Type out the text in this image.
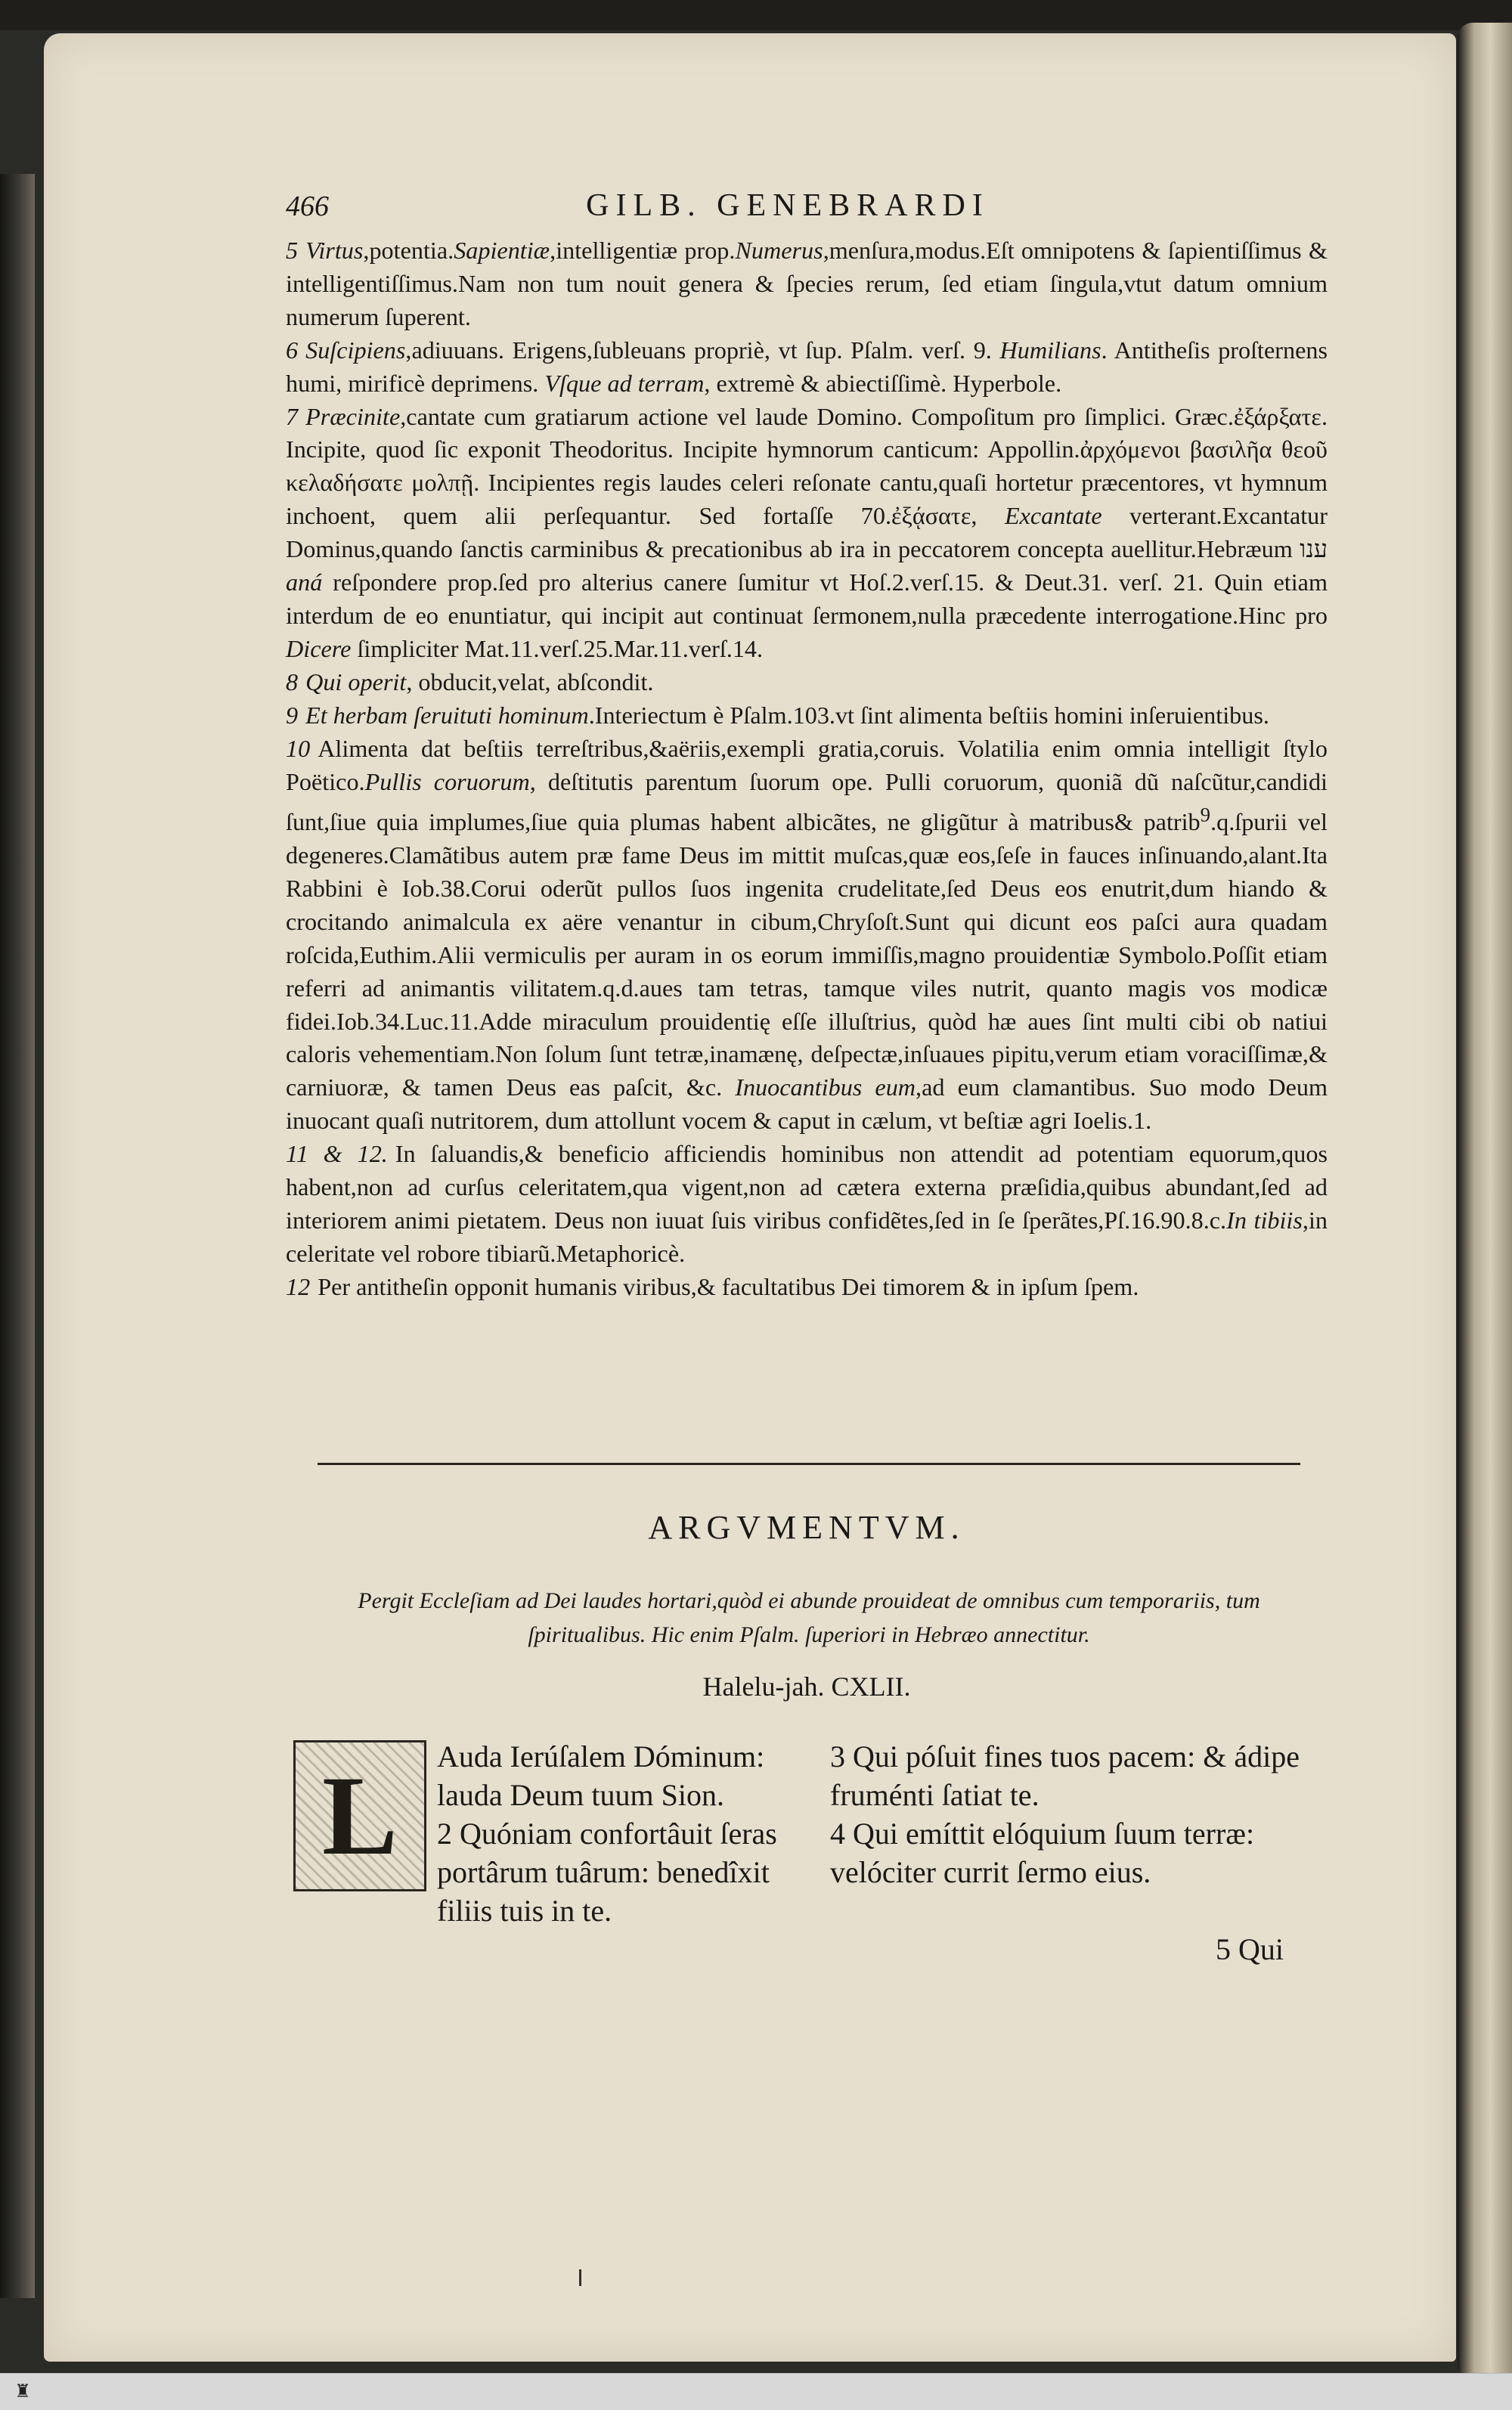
466	GILB. GENEBRARDI

5 Virtus,potentia.Sapientiæ,intelligentiæ prop.Numerus,menſura,modus.Eſt omnipotens & ſapientiſſimus & intelligentiſſimus.Nam non tum nouit genera & ſpecies rerum, ſed etiam ſingula,vtut datum omnium numerum ſuperent.

6 Suſcipiens,adiuuans. Erigens,ſubleuans propriè, vt ſup. Pſalm. verſ. 9. Humilians. Antitheſis proſternens humi, mirificè deprimens. Vſque ad terram, extremè & abiectiſſimè. Hyperbole.

7 Præcinite,cantate cum gratiarum actione vel laude Domino. Compoſitum pro ſimplici. Græc.ἐξάρξατε. Incipite, quod ſic exponit Theodoritus. Incipite hymnorum canticum: Appollin.ἀρχόμενοι βασιλῆα θεοῦ κελαδήσατε μολπῇ. Incipientes regis laudes celeri reſonate cantu,quaſi hortetur præcentores, vt hymnum inchoent, quem alii perſequantur. Sed fortaſſe 70.ἐξᾴσατε, Excantate verterant.Excantatur Dominus,quando ſanctis carminibus & precationibus ab ira in peccatorem concepta auellitur.Hebræum ענו aná reſpondere prop.ſed pro alterius canere ſumitur vt Hoſ.2.verſ.15. & Deut.31. verſ. 21. Quin etiam interdum de eo enuntiatur, qui incipit aut continuat ſermonem,nulla præcedente interrogatione.Hinc pro Dicere ſimpliciter Mat.11.verſ.25.Mar.11.verſ.14.

8 Qui operit, obducit,velat, abſcondit.

9 Et herbam ſeruituti hominum.Interiectum è Pſalm.103.vt ſint alimenta beſtiis homini inſeruientibus.

10 Alimenta dat beſtiis terreſtribus,&aëriis,exempli gratia,coruis. Volatilia enim omnia intelligit ſtylo Poëtico.Pullis coruorum, deſtitutis parentum ſuorum ope. Pulli coruorum, quoniã dũ naſcũtur,candidi ſunt,ſiue quia implumes,ſiue quia plumas habent albicãtes, ne gligũtur à matribus& patrib$^9$.q.ſpurii vel degeneres.Clamãtibus autem præ fame Deus im mittit muſcas,quæ eos,ſeſe in fauces inſinuando,alant.Ita Rabbini è Iob.38.Corui oderũt pullos ſuos ingenita crudelitate,ſed Deus eos enutrit,dum hiando & crocitando animalcula ex aëre venantur in cibum,Chryſoſt.Sunt qui dicunt eos paſci aura quadam roſcida,Euthim.Alii vermiculis per auram in os eorum immiſſis,magno prouidentiæ Symbolo.Poſſit etiam referri ad animantis vilitatem.q.d.aues tam tetras, tamque viles nutrit, quanto magis vos modicæ fidei.Iob.34.Luc.11.Adde miraculum prouidentię eſſe illuſtrius, quòd hæ aues ſint multi cibi ob natiui caloris vehementiam.Non ſolum ſunt tetræ,inamænę, deſpectæ,inſuaues pipitu,verum etiam voraciſſimæ,& carniuoræ, & tamen Deus eas paſcit, &c. Inuocantibus eum,ad eum clamantibus. Suo modo Deum inuocant quaſi nutritorem, dum attollunt vocem & caput in cælum, vt beſtiæ agri Ioelis.1.

11 & 12. In ſaluandis,& beneficio afficiendis hominibus non attendit ad potentiam equorum,quos habent,non ad curſus celeritatem,qua vigent,non ad cætera externa præſidia,quibus abundant,ſed ad interiorem animi pietatem. Deus non iuuat ſuis viribus confidẽtes,ſed in ſe ſperãtes,Pſ.16.90.8.c.In tibiis,in celeritate vel robore tibiarũ.Metaphoricè.

12 Per antitheſin opponit humanis viribus,& facultatibus Dei timorem & in ipſum ſpem.

ARGVMENTVM.
Pergit Eccleſiam ad Dei laudes hortari,quòd ei abunde prouideat de omnibus cum temporariis, tum ſpiritualibus. Hic enim Pſalm. ſuperiori in Hebræo annectitur.
Halelu-jah. CXLII.
L	Auda Ierúſalem Dóminum: lauda Deum tuum Sion.

2 Quóniam confortâuit ſeras portârum tuârum: benedîxit filiis tuis in te.

3 Qui póſuit fines tuos pacem: & ádipe fruménti ſatiat te.

4 Qui emíttit elóquium ſuum terræ: velóciter currit ſermo eius.

5 Qui
♜
